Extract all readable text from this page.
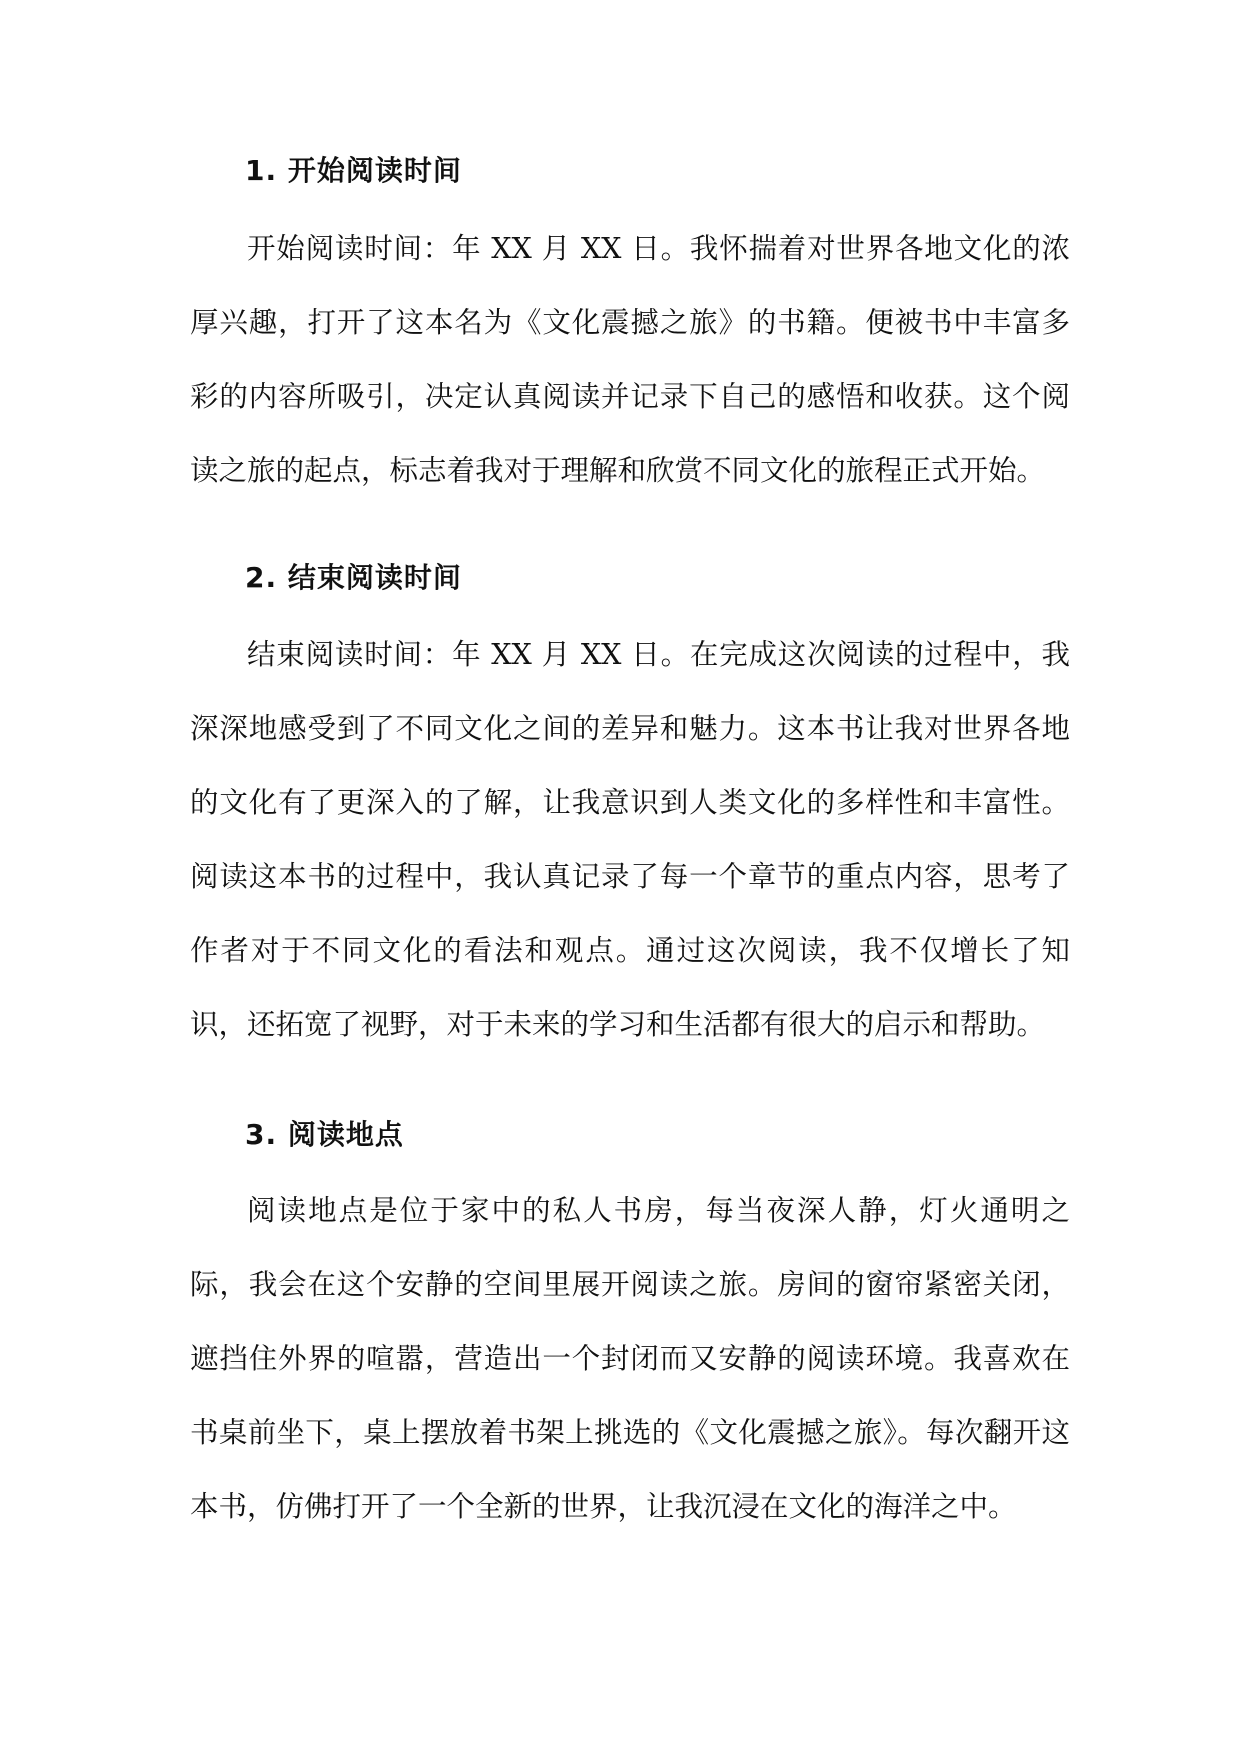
1. 开始阅读时间

开始阅读时间：年 XX 月 XX 日。我怀揣着对世界各地文化的浓厚兴趣，打开了这本名为《文化震撼之旅》的书籍。便被书中丰富多彩的内容所吸引，决定认真阅读并记录下自己的感悟和收获。这个阅读之旅的起点，标志着我对于理解和欣赏不同文化的旅程正式开始。

2. 结束阅读时间

结束阅读时间：年 XX 月 XX 日。在完成这次阅读的过程中，我深深地感受到了不同文化之间的差异和魅力。这本书让我对世界各地的文化有了更深入的了解，让我意识到人类文化的多样性和丰富性。阅读这本书的过程中，我认真记录了每一个章节的重点内容，思考了作者对于不同文化的看法和观点。通过这次阅读，我不仅增长了知识，还拓宽了视野，对于未来的学习和生活都有很大的启示和帮助。

3. 阅读地点

阅读地点是位于家中的私人书房，每当夜深人静，灯火通明之际，我会在这个安静的空间里展开阅读之旅。房间的窗帘紧密关闭，遮挡住外界的喧嚣，营造出一个封闭而又安静的阅读环境。我喜欢在书桌前坐下，桌上摆放着书架上挑选的《文化震撼之旅》。每次翻开这本书，仿佛打开了一个全新的世界，让我沉浸在文化的海洋之中。
